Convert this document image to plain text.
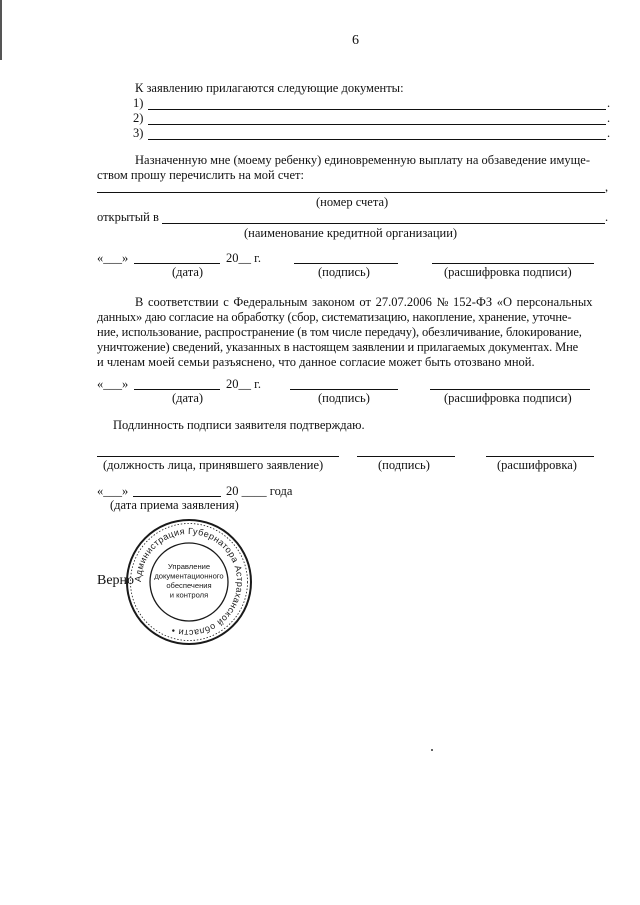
6
К заявлению прилагаются следующие документы:
1)	.
2)	.
3)	.
Назначенную мне (моему ребенку) единовременную выплату на обзаведение имуще-
ством прошу перечислить на мой счет:
,
(номер счета)
открытый в	.
(наименование кредитной организации)
«___»	20__ г.
(дата)	(подпись)	(расшифровка подписи)
В соответствии с Федеральным законом от 27.07.2006 № 152-ФЗ «О персональных
данных» даю согласие на обработку (сбор, систематизацию, накопление, хранение, уточне-
ние, использование, распространение (в том числе передачу), обезличивание, блокирование,
уничтожение) сведений, указанных в настоящем заявлении и прилагаемых документах. Мне
и членам моей семьи разъяснено, что данное согласие может быть отозвано мной.
«___»	20__ г.
(дата)	(подпись)	(расшифровка подписи)
Подлинность подписи заявителя подтверждаю.
(должность лица, принявшего заявление)	(подпись)	(расшифровка)
«___»	20 ____ года
(дата приема заявления)
Верно
Администрация Губернатора Астраханской области •
Управление
документационного
обеспечения
и контроля
